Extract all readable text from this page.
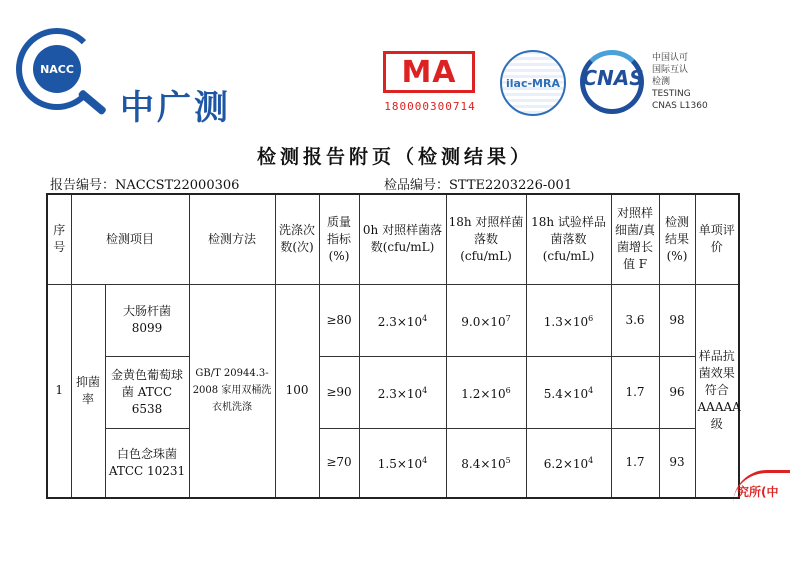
NACC
中广测
MA
180000300714
ilac-MRA	CNAS
中国认可
国际互认
检测
TESTING
CNAS L1360
检测报告附页（检测结果）
报告编号：NACCST22000306	检品编号：STTE2203226-001
序号	检测项目		检测方法	洗涤次数(次)	质量指标(%)	0h 对照样菌落数(cfu/mL)	18h 对照样菌落数(cfu/mL)	18h 试验样品菌落数(cfu/mL)	对照样细菌/真菌增长值 F	检测结果(%)	单项评价
1	抑菌率	大肠杆菌 8099	GB/T 20944.3-2008 家用双桶洗衣机洗涤	100	≥80	$2.3\times 10^4$	$9.0\times 10^7$	$1.3\times 10^6$	3.6	98	样品抗菌效果符合 AAAAA 级
		金黄色葡萄球菌 ATCC 6538			≥90	$2.3\times 10^4$	$1.2\times 10^6$	$5.4\times 10^4$	1.7	96	
		白色念珠菌 ATCC 10231			≥70	$1.5\times 10^4$	$8.4\times 10^5$	$6.2\times 10^4$	1.7	93	
究所(中
